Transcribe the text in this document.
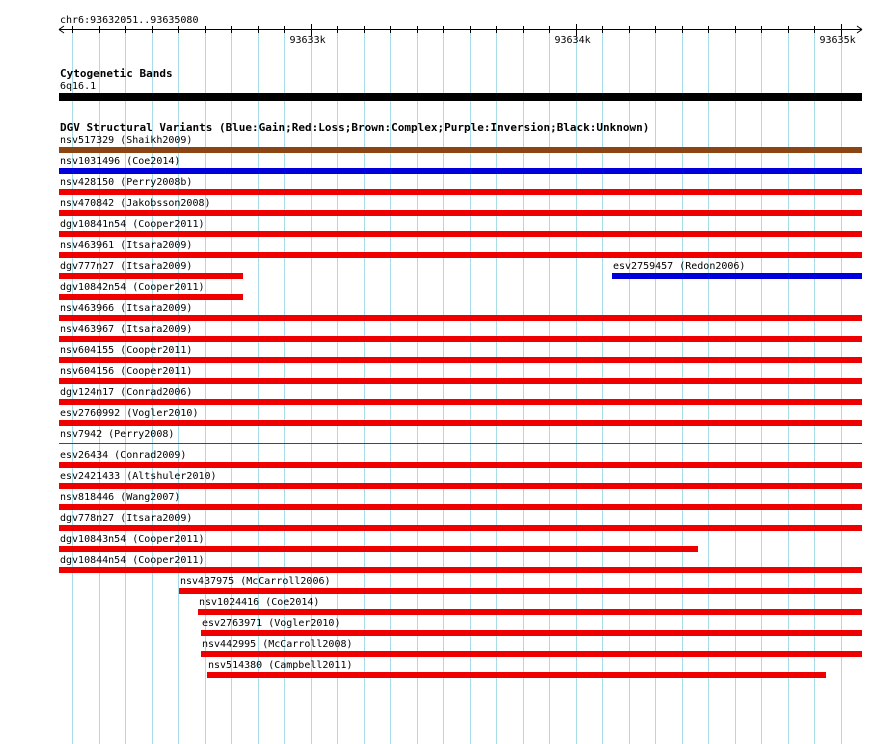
chr6:93632051..93635080
93633k	93634k	93635k
Cytogenetic Bands
6q16.1
DGV Structural Variants (Blue:Gain;Red:Loss;Brown:Complex;Purple:Inversion;Black:Unknown)
nsv517329 (Shaikh2009)
nsv1031496 (Coe2014)
nsv428150 (Perry2008b)
nsv470842 (Jakobsson2008)
dgv10841n54 (Cooper2011)
nsv463961 (Itsara2009)
dgv777n27 (Itsara2009)	esv2759457 (Redon2006)
dgv10842n54 (Cooper2011)
nsv463966 (Itsara2009)
nsv463967 (Itsara2009)
nsv604155 (Cooper2011)
nsv604156 (Cooper2011)
dgv124n17 (Conrad2006)
esv2760992 (Vogler2010)
nsv7942 (Perry2008)
esv26434 (Conrad2009)
esv2421433 (Altshuler2010)
nsv818446 (Wang2007)
dgv778n27 (Itsara2009)
dgv10843n54 (Cooper2011)
dgv10844n54 (Cooper2011)
nsv437975 (McCarroll2006)
nsv1024416 (Coe2014)
esv2763971 (Vogler2010)
nsv442995 (McCarroll2008)
nsv514380 (Campbell2011)
